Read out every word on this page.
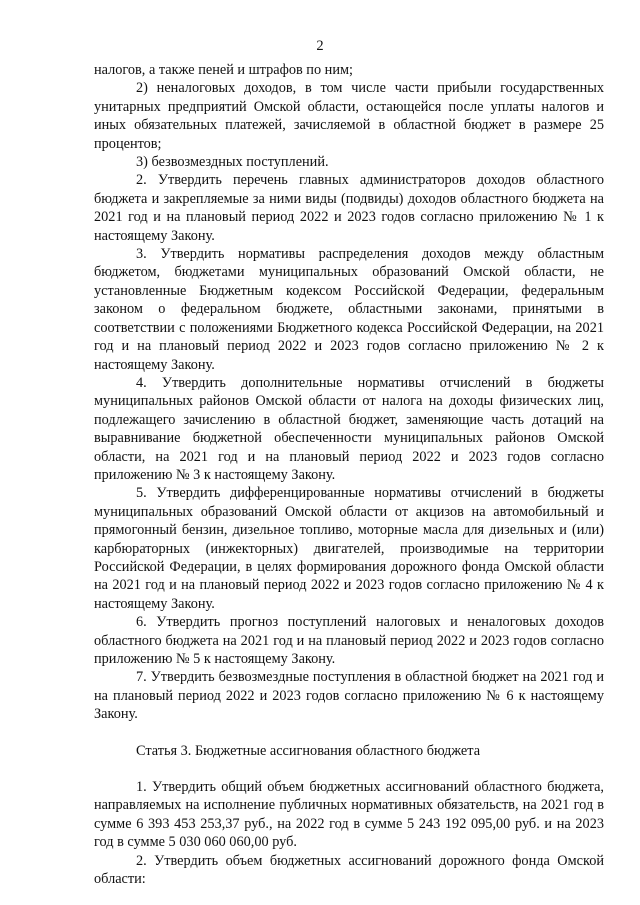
2

налогов, а также пеней и штрафов по ним;

2) неналоговых доходов, в том числе части прибыли государственных унитарных предприятий Омской области, остающейся после уплаты налогов и иных обязательных платежей, зачисляемой в областной бюджет в размере 25 процентов;

3) безвозмездных поступлений.

2. Утвердить перечень главных администраторов доходов областного бюджета и закрепляемые за ними виды (подвиды) доходов областного бюджета на 2021 год и на плановый период 2022 и 2023 годов согласно приложению № 1 к настоящему Закону.

3. Утвердить нормативы распределения доходов между областным бюджетом, бюджетами муниципальных образований Омской области, не установленные Бюджетным кодексом Российской Федерации, федеральным законом о федеральном бюджете, областными законами, принятыми в соответствии с положениями Бюджетного кодекса Российской Федерации, на 2021 год и на плановый период 2022 и 2023 годов согласно приложению № 2 к настоящему Закону.

4. Утвердить дополнительные нормативы отчислений в бюджеты муниципальных районов Омской области от налога на доходы физических лиц, подлежащего зачислению в областной бюджет, заменяющие часть дотаций на выравнивание бюджетной обеспеченности муниципальных районов Омской области, на 2021 год и на плановый период 2022 и 2023 годов согласно приложению № 3 к настоящему Закону.

5. Утвердить дифференцированные нормативы отчислений в бюджеты муниципальных образований Омской области от акцизов на автомобильный и прямогонный бензин, дизельное топливо, моторные масла для дизельных и (или) карбюраторных (инжекторных) двигателей, производимые на территории Российской Федерации, в целях формирования дорожного фонда Омской области на 2021 год и на плановый период 2022 и 2023 годов согласно приложению № 4 к настоящему Закону.

6. Утвердить прогноз поступлений налоговых и неналоговых доходов областного бюджета на 2021 год и на плановый период 2022 и 2023 годов согласно приложению № 5 к настоящему Закону.

7. Утвердить безвозмездные поступления в областной бюджет на 2021 год и на плановый период 2022 и 2023 годов согласно приложению № 6 к настоящему Закону.

Статья 3. Бюджетные ассигнования областного бюджета

1. Утвердить общий объем бюджетных ассигнований областного бюджета, направляемых на исполнение публичных нормативных обязательств, на 2021 год в сумме 6 393 453 253,37 руб., на 2022 год в сумме 5 243 192 095,00 руб. и на 2023 год в сумме 5 030 060 060,00 руб.

2. Утвердить объем бюджетных ассигнований дорожного фонда Омской области:
